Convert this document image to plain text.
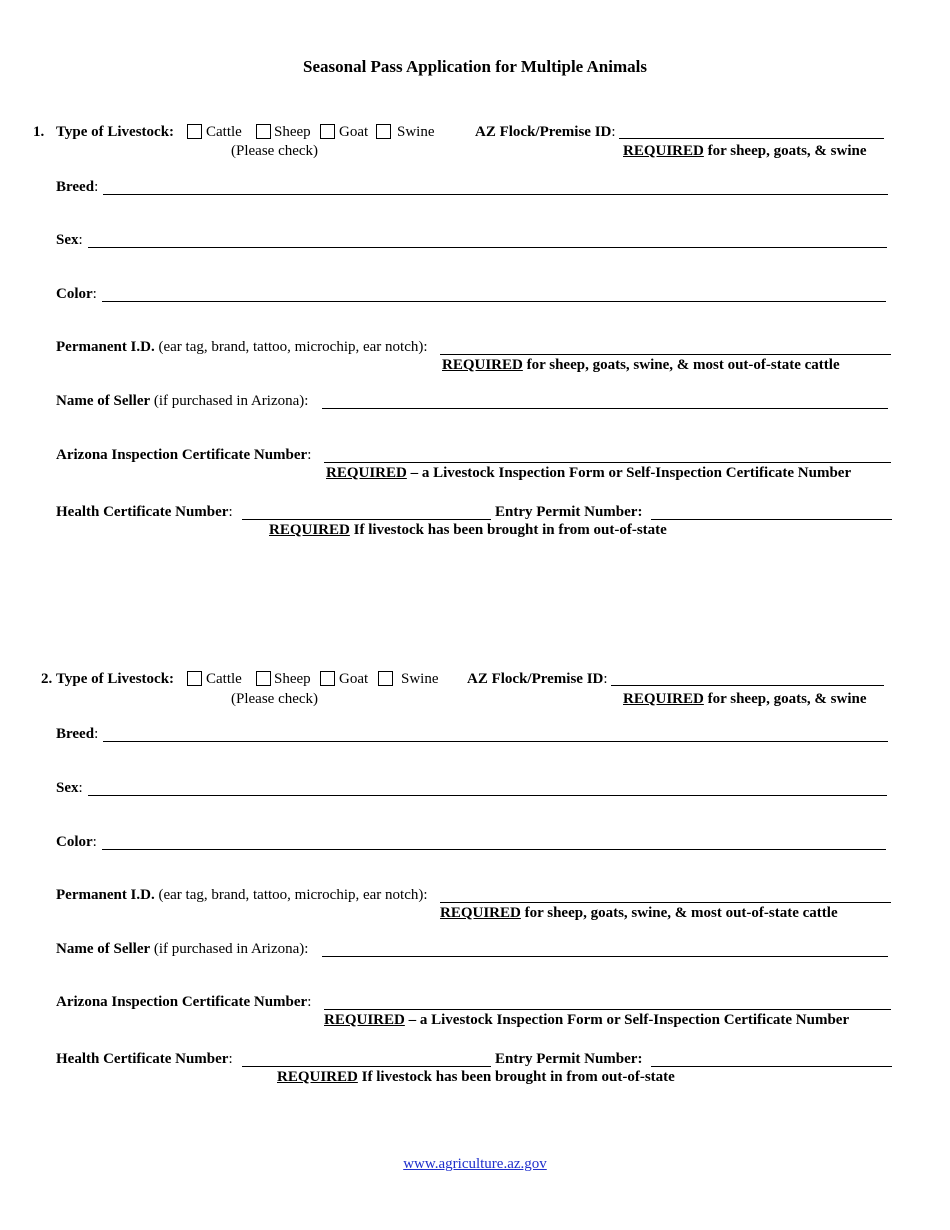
Seasonal Pass Application for Multiple Animals
1. Type of Livestock: Cattle Sheep Goat Swine
(Please check)
AZ Flock/Premise ID:
REQUIRED for sheep, goats, & swine
Breed:
Sex:
Color:
Permanent I.D. (ear tag, brand, tattoo, microchip, ear notch):
REQUIRED for sheep, goats, swine, & most out-of-state cattle
Name of Seller (if purchased in Arizona):
Arizona Inspection Certificate Number:
REQUIRED – a Livestock Inspection Form or Self-Inspection Certificate Number
Health Certificate Number:	Entry Permit Number:
REQUIRED If livestock has been brought in from out-of-state
2. Type of Livestock: Cattle Sheep Goat Swine
(Please check)
AZ Flock/Premise ID:
REQUIRED for sheep, goats, & swine
Breed:
Sex:
Color:
Permanent I.D. (ear tag, brand, tattoo, microchip, ear notch):
REQUIRED for sheep, goats, swine, & most out-of-state cattle
Name of Seller (if purchased in Arizona):
Arizona Inspection Certificate Number:
REQUIRED – a Livestock Inspection Form or Self-Inspection Certificate Number
Health Certificate Number:	Entry Permit Number:
REQUIRED If livestock has been brought in from out-of-state
www.agriculture.az.gov
